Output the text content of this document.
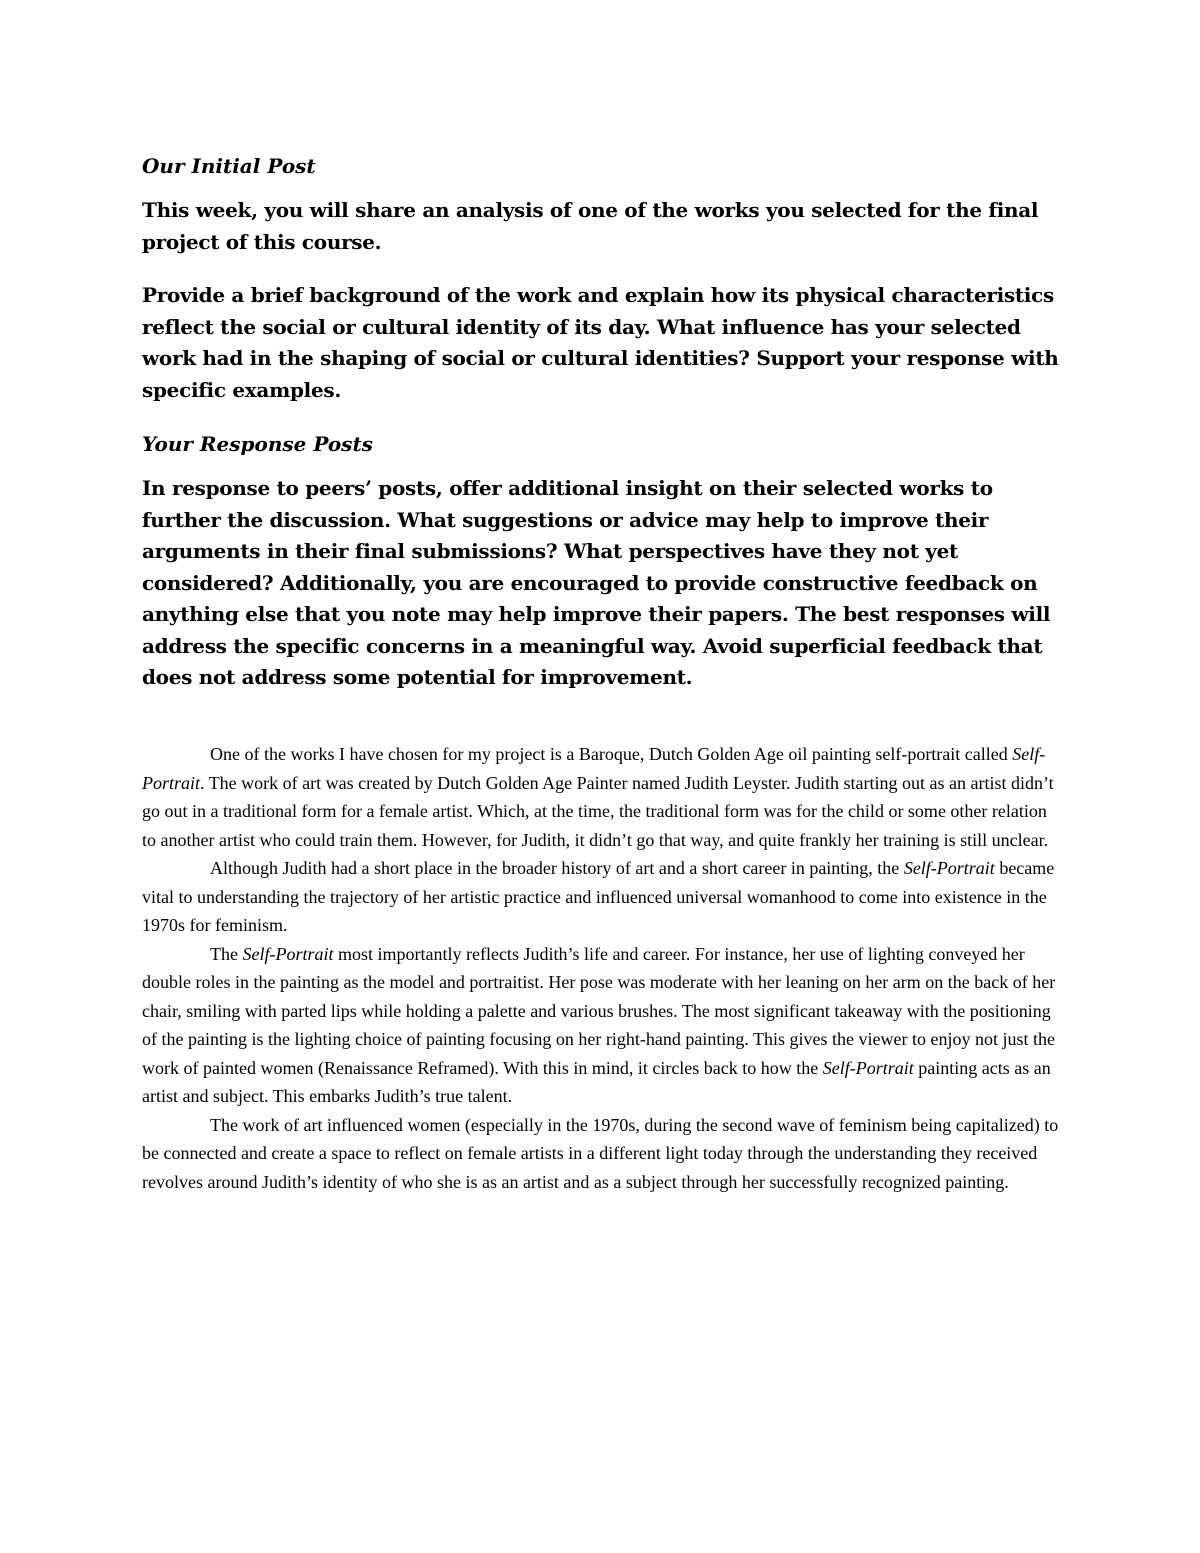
Our Initial Post

This week, you will share an analysis of one of the works you selected for the final project of this course.

Provide a brief background of the work and explain how its physical characteristics reflect the social or cultural identity of its day. What influence has your selected work had in the shaping of social or cultural identities? Support your response with specific examples.

Your Response Posts

In response to peers’ posts, offer additional insight on their selected works to further the discussion. What suggestions or advice may help to improve their arguments in their final submissions? What perspectives have they not yet considered? Additionally, you are encouraged to provide constructive feedback on anything else that you note may help improve their papers. The best responses will address the specific concerns in a meaningful way. Avoid superficial feedback that does not address some potential for improvement.

One of the works I have chosen for my project is a Baroque, Dutch Golden Age oil painting self-portrait called Self-Portrait. The work of art was created by Dutch Golden Age Painter named Judith Leyster. Judith starting out as an artist didn’t go out in a traditional form for a female artist. Which, at the time, the traditional form was for the child or some other relation to another artist who could train them. However, for Judith, it didn’t go that way, and quite frankly her training is still unclear.

Although Judith had a short place in the broader history of art and a short career in painting, the Self-Portrait became vital to understanding the trajectory of her artistic practice and influenced universal womanhood to come into existence in the 1970s for feminism.

The Self-Portrait most importantly reflects Judith’s life and career. For instance, her use of lighting conveyed her double roles in the painting as the model and portraitist. Her pose was moderate with her leaning on her arm on the back of her chair, smiling with parted lips while holding a palette and various brushes. The most significant takeaway with the positioning of the painting is the lighting choice of painting focusing on her right-hand painting. This gives the viewer to enjoy not just the work of painted women (Renaissance Reframed). With this in mind, it circles back to how the Self-Portrait painting acts as an artist and subject. This embarks Judith’s true talent.

The work of art influenced women (especially in the 1970s, during the second wave of feminism being capitalized) to be connected and create a space to reflect on female artists in a different light today through the understanding they received revolves around Judith’s identity of who she is as an artist and as a subject through her successfully recognized painting.
